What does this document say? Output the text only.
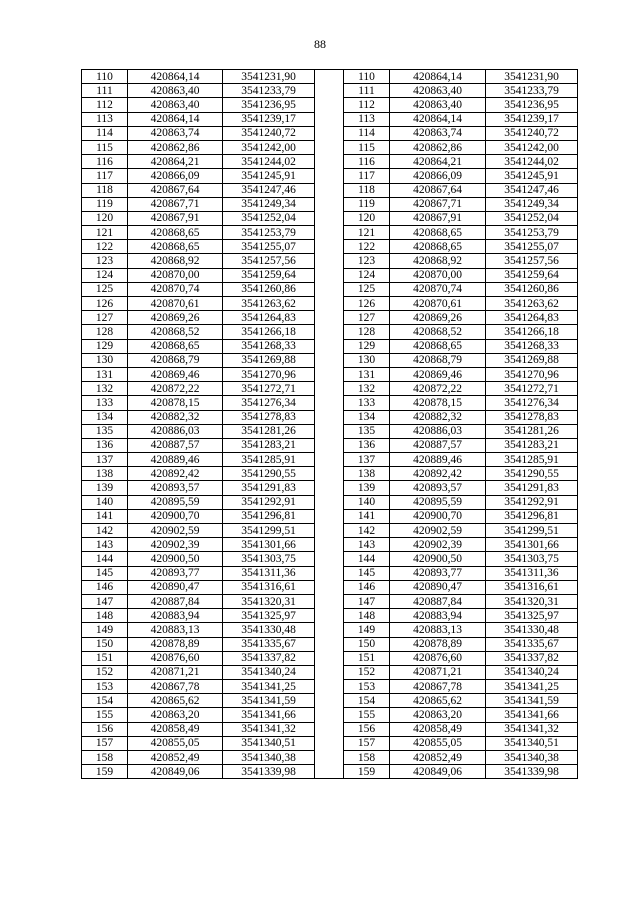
88
110	420864,14	3541231,90		110	420864,14	3541231,90
111	420863,40	3541233,79		111	420863,40	3541233,79
112	420863,40	3541236,95		112	420863,40	3541236,95
113	420864,14	3541239,17		113	420864,14	3541239,17
114	420863,74	3541240,72		114	420863,74	3541240,72
115	420862,86	3541242,00		115	420862,86	3541242,00
116	420864,21	3541244,02		116	420864,21	3541244,02
117	420866,09	3541245,91		117	420866,09	3541245,91
118	420867,64	3541247,46		118	420867,64	3541247,46
119	420867,71	3541249,34		119	420867,71	3541249,34
120	420867,91	3541252,04		120	420867,91	3541252,04
121	420868,65	3541253,79		121	420868,65	3541253,79
122	420868,65	3541255,07		122	420868,65	3541255,07
123	420868,92	3541257,56		123	420868,92	3541257,56
124	420870,00	3541259,64		124	420870,00	3541259,64
125	420870,74	3541260,86		125	420870,74	3541260,86
126	420870,61	3541263,62		126	420870,61	3541263,62
127	420869,26	3541264,83		127	420869,26	3541264,83
128	420868,52	3541266,18		128	420868,52	3541266,18
129	420868,65	3541268,33		129	420868,65	3541268,33
130	420868,79	3541269,88		130	420868,79	3541269,88
131	420869,46	3541270,96		131	420869,46	3541270,96
132	420872,22	3541272,71		132	420872,22	3541272,71
133	420878,15	3541276,34		133	420878,15	3541276,34
134	420882,32	3541278,83		134	420882,32	3541278,83
135	420886,03	3541281,26		135	420886,03	3541281,26
136	420887,57	3541283,21		136	420887,57	3541283,21
137	420889,46	3541285,91		137	420889,46	3541285,91
138	420892,42	3541290,55		138	420892,42	3541290,55
139	420893,57	3541291,83		139	420893,57	3541291,83
140	420895,59	3541292,91		140	420895,59	3541292,91
141	420900,70	3541296,81		141	420900,70	3541296,81
142	420902,59	3541299,51		142	420902,59	3541299,51
143	420902,39	3541301,66		143	420902,39	3541301,66
144	420900,50	3541303,75		144	420900,50	3541303,75
145	420893,77	3541311,36		145	420893,77	3541311,36
146	420890,47	3541316,61		146	420890,47	3541316,61
147	420887,84	3541320,31		147	420887,84	3541320,31
148	420883,94	3541325,97		148	420883,94	3541325,97
149	420883,13	3541330,48		149	420883,13	3541330,48
150	420878,89	3541335,67		150	420878,89	3541335,67
151	420876,60	3541337,82		151	420876,60	3541337,82
152	420871,21	3541340,24		152	420871,21	3541340,24
153	420867,78	3541341,25		153	420867,78	3541341,25
154	420865,62	3541341,59		154	420865,62	3541341,59
155	420863,20	3541341,66		155	420863,20	3541341,66
156	420858,49	3541341,32		156	420858,49	3541341,32
157	420855,05	3541340,51		157	420855,05	3541340,51
158	420852,49	3541340,38		158	420852,49	3541340,38
159	420849,06	3541339,98		159	420849,06	3541339,98
